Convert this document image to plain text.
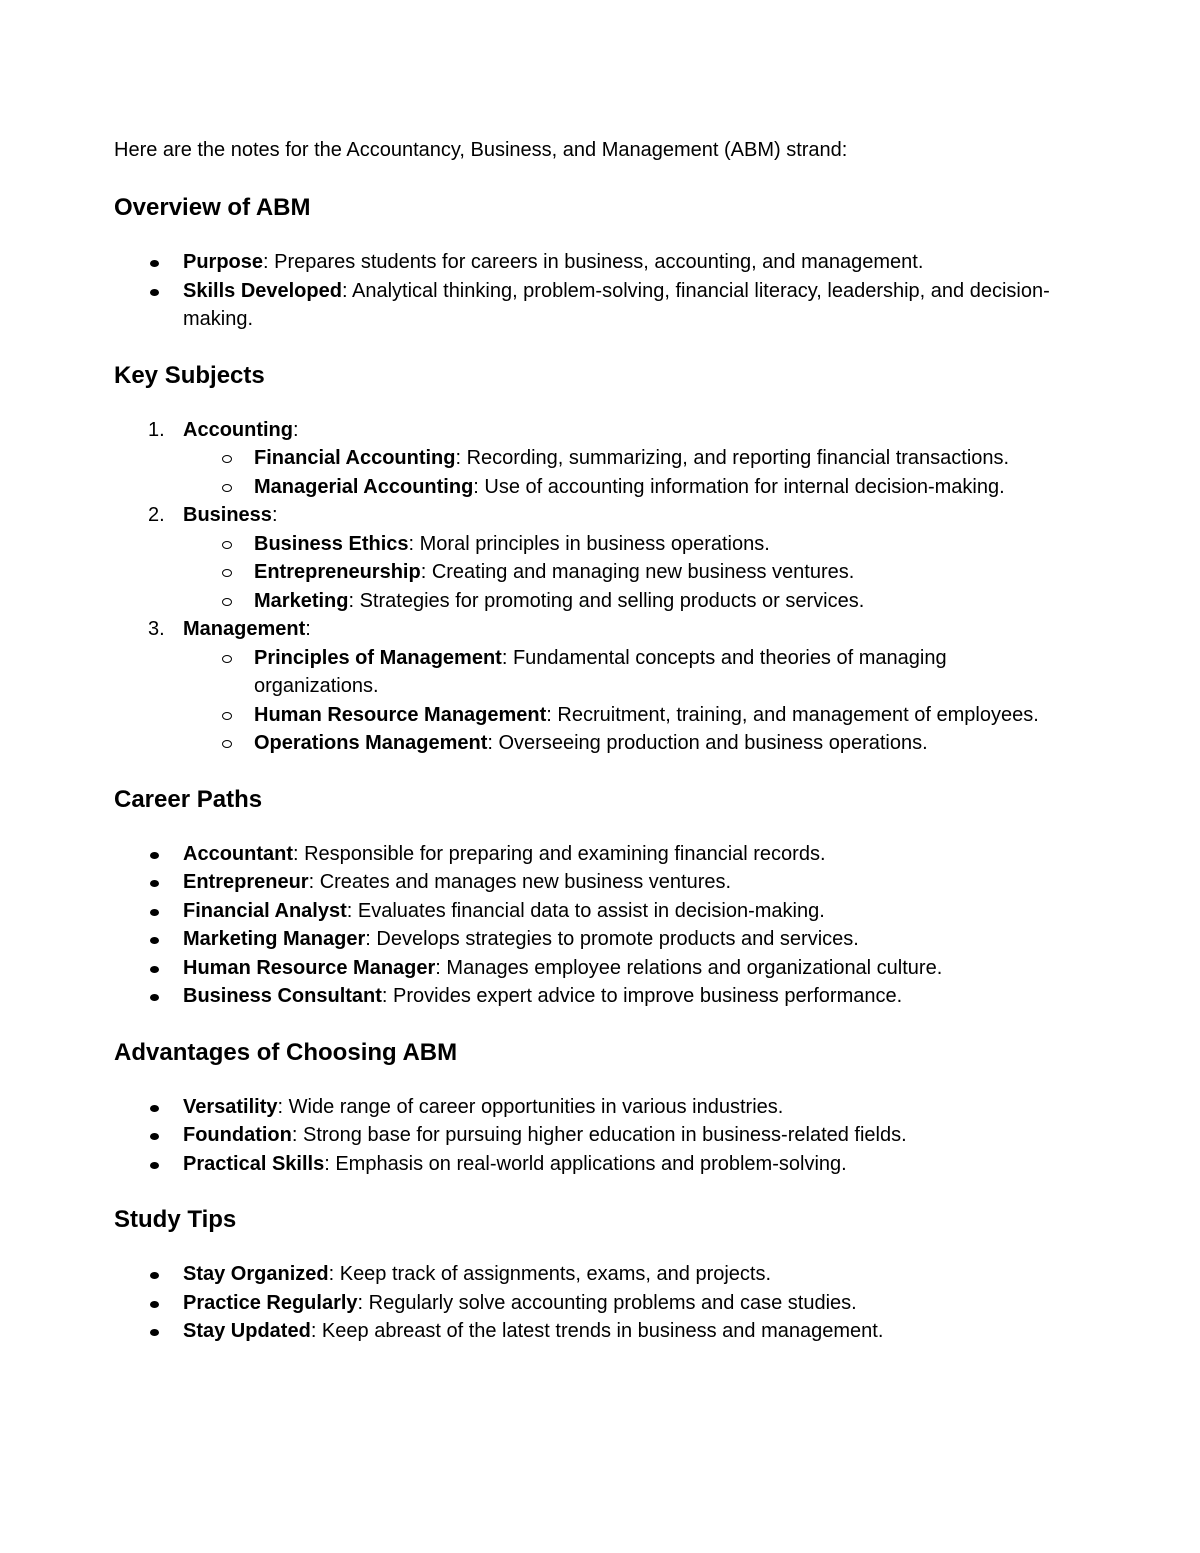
Here are the notes for the Accountancy, Business, and Management (ABM) strand:

Overview of ABM
Purpose: Prepares students for careers in business, accounting, and management.
Skills Developed: Analytical thinking, problem-solving, financial literacy, leadership, and decision-making.
Key Subjects
1. Accounting:
Financial Accounting: Recording, summarizing, and reporting financial transactions.
Managerial Accounting: Use of accounting information for internal decision-making.
2. Business:
Business Ethics: Moral principles in business operations.
Entrepreneurship: Creating and managing new business ventures.
Marketing: Strategies for promoting and selling products or services.
3. Management:
Principles of Management: Fundamental concepts and theories of managing organizations.
Human Resource Management: Recruitment, training, and management of employees.
Operations Management: Overseeing production and business operations.
Career Paths
Accountant: Responsible for preparing and examining financial records.
Entrepreneur: Creates and manages new business ventures.
Financial Analyst: Evaluates financial data to assist in decision-making.
Marketing Manager: Develops strategies to promote products and services.
Human Resource Manager: Manages employee relations and organizational culture.
Business Consultant: Provides expert advice to improve business performance.
Advantages of Choosing ABM
Versatility: Wide range of career opportunities in various industries.
Foundation: Strong base for pursuing higher education in business-related fields.
Practical Skills: Emphasis on real-world applications and problem-solving.
Study Tips
Stay Organized: Keep track of assignments, exams, and projects.
Practice Regularly: Regularly solve accounting problems and case studies.
Stay Updated: Keep abreast of the latest trends in business and management.
